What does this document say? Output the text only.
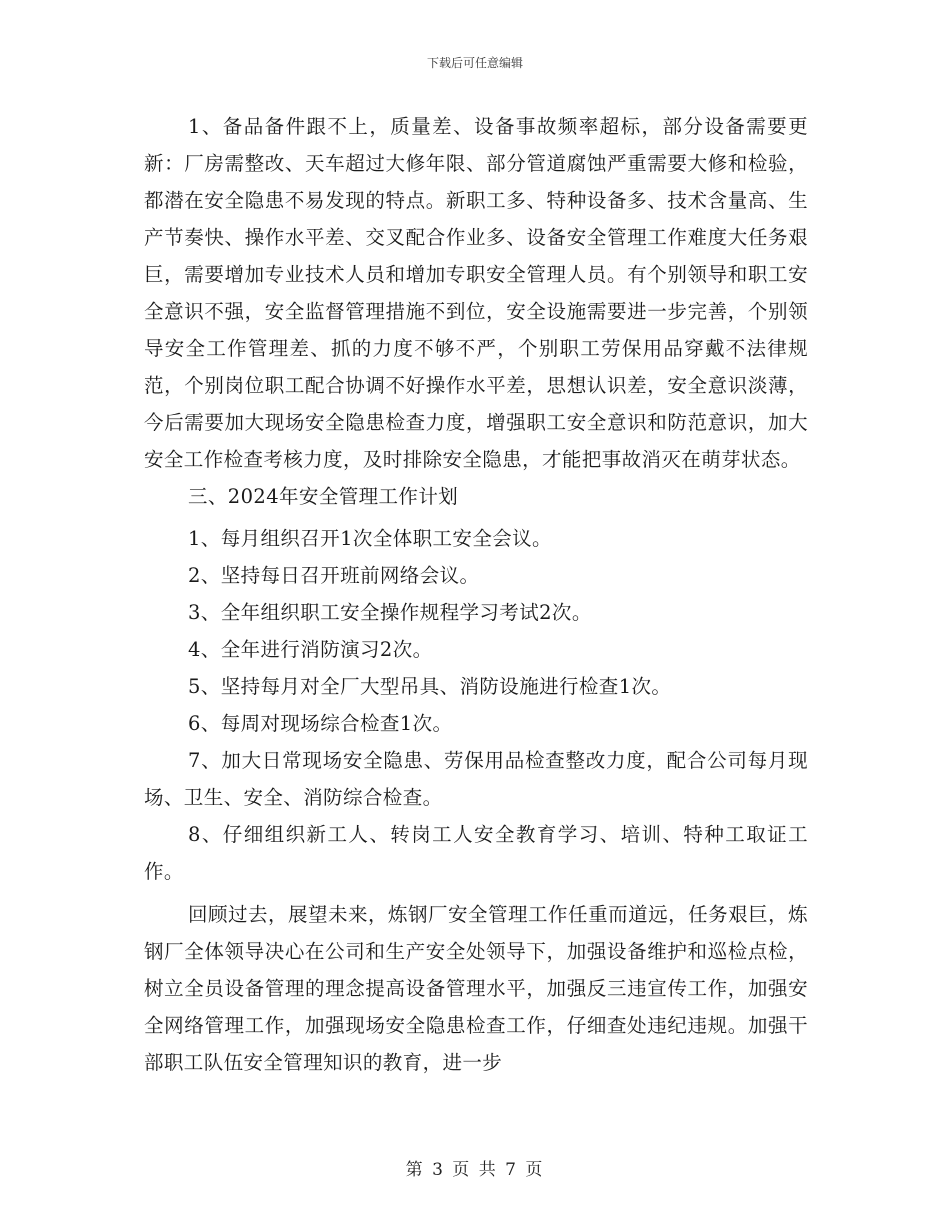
下载后可任意编辑

1、备品备件跟不上，质量差、设备事故频率超标，部分设备需要更新：厂房需整改、天车超过大修年限、部分管道腐蚀严重需要大修和检验，都潜在安全隐患不易发现的特点。新职工多、特种设备多、技术含量高、生产节奏快、操作水平差、交叉配合作业多、设备安全管理工作难度大任务艰巨，需要增加专业技术人员和增加专职安全管理人员。有个别领导和职工安全意识不强，安全监督管理措施不到位，安全设施需要进一步完善，个别领导安全工作管理差、抓的力度不够不严，个别职工劳保用品穿戴不法律规范，个别岗位职工配合协调不好操作水平差，思想认识差，安全意识淡薄，今后需要加大现场安全隐患检查力度，增强职工安全意识和防范意识，加大安全工作检查考核力度，及时排除安全隐患，才能把事故消灭在萌芽状态。

三、2024年安全管理工作计划

1、每月组织召开1次全体职工安全会议。

2、坚持每日召开班前网络会议。

3、全年组织职工安全操作规程学习考试2次。

4、全年进行消防演习2次。

5、坚持每月对全厂大型吊具、消防设施进行检查1次。

6、每周对现场综合检查1次。

7、加大日常现场安全隐患、劳保用品检查整改力度，配合公司每月现场、卫生、安全、消防综合检查。

8、仔细组织新工人、转岗工人安全教育学习、培训、特种工取证工作。

回顾过去，展望未来，炼钢厂安全管理工作任重而道远，任务艰巨，炼钢厂全体领导决心在公司和生产安全处领导下，加强设备维护和巡检点检，树立全员设备管理的理念提高设备管理水平，加强反三违宣传工作，加强安全网络管理工作，加强现场安全隐患检查工作，仔细查处违纪违规。加强干部职工队伍安全管理知识的教育，进一步

第 3 页 共 7 页
